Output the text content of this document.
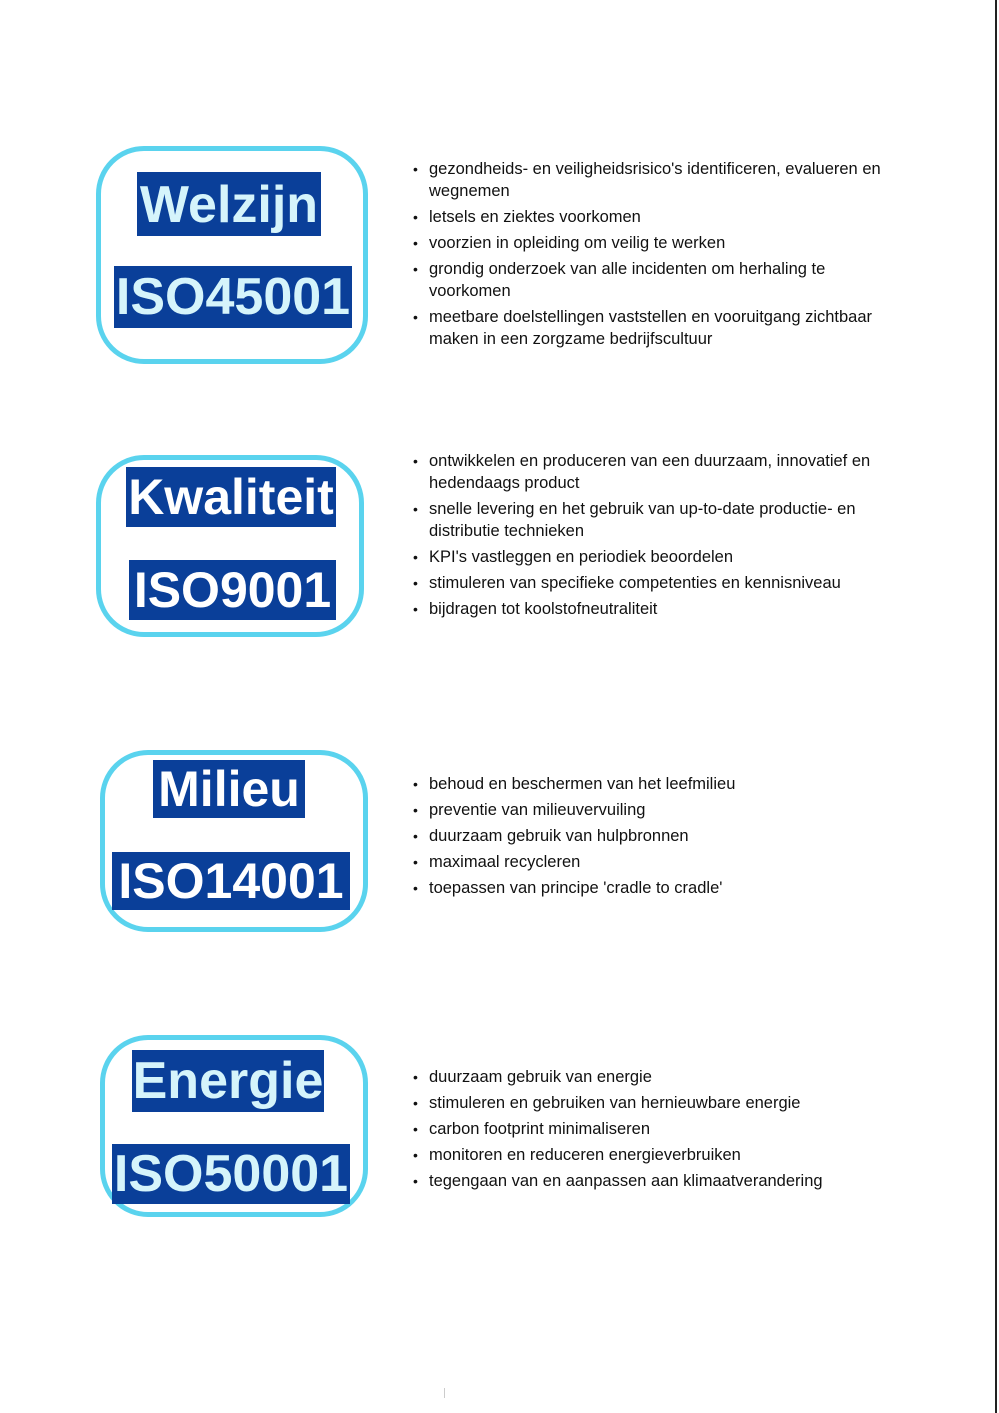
Welzijn
ISO45001
• gezondheids- en veiligheidsrisico's identificeren, evalueren en wegnemen
• letsels en ziektes voorkomen
• voorzien in opleiding om veilig te werken
• grondig onderzoek van alle incidenten om herhaling te voorkomen
• meetbare doelstellingen vaststellen en vooruitgang zichtbaar maken in een zorgzame bedrijfscultuur
Kwaliteit
ISO9001
• ontwikkelen en produceren van een duurzaam, innovatief en hedendaags product
• snelle levering en het gebruik van up-to-date productie- en distributie technieken
• KPI's vastleggen en periodiek beoordelen
• stimuleren van specifieke competenties en kennisniveau
• bijdragen tot koolstofneutraliteit
Milieu
ISO14001
• behoud en beschermen van het leefmilieu
• preventie van milieuvervuiling
• duurzaam gebruik van hulpbronnen
• maximaal recycleren
• toepassen van principe 'cradle to cradle'
Energie
ISO50001
• duurzaam gebruik van energie
• stimuleren en gebruiken van hernieuwbare energie
• carbon footprint minimaliseren
• monitoren en reduceren energieverbruiken
• tegengaan van en aanpassen aan klimaatverandering
